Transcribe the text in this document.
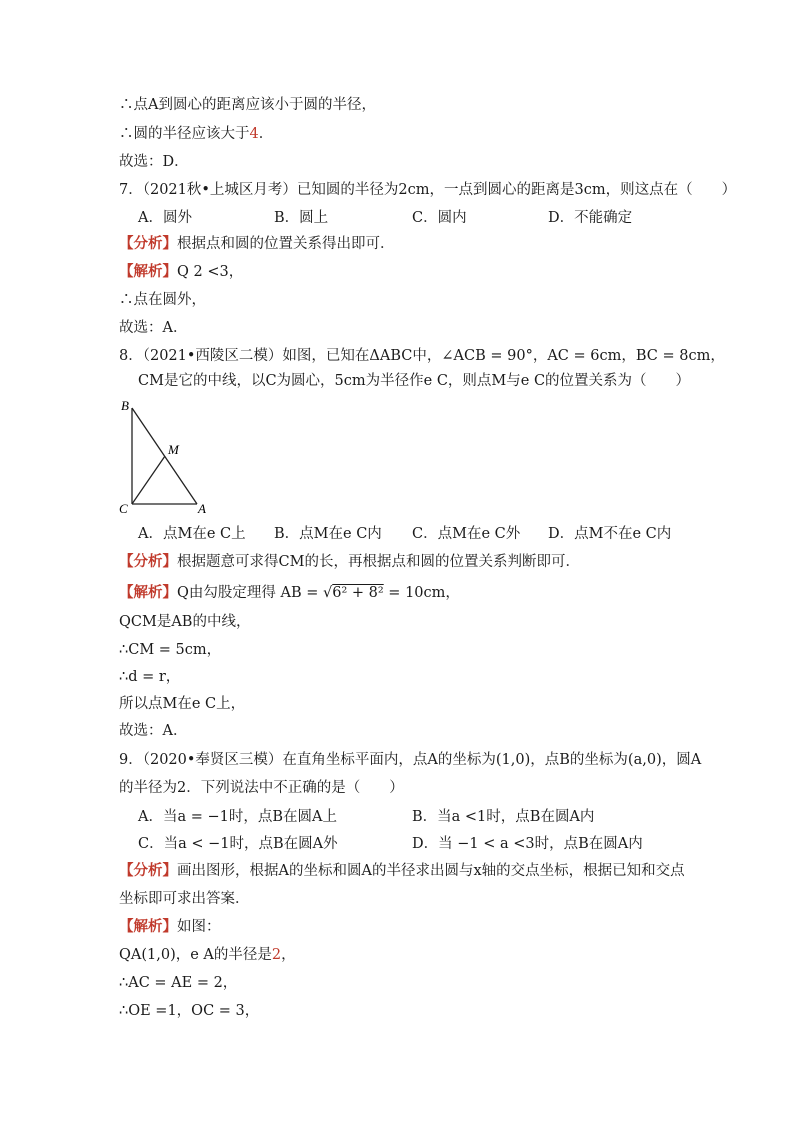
∴点A到圆心的距离应该小于圆的半径，
∴圆的半径应该大于4．
故选：D．
7．（2021秋•上城区月考）已知圆的半径为2cm，一点到圆心的距离是3cm，则这点在（　　）
A．圆外	B．圆上	C．圆内	D．不能确定
【分析】根据点和圆的位置关系得出即可．
【解析】Q 2 <3，
∴点在圆外，
故选：A．
8．（2021•西陵区二模）如图，已知在ΔABC中，∠ACB = 90°，AC = 6cm，BC = 8cm，
CM是它的中线，以C为圆心，5cm为半径作e C，则点M与e C的位置关系为（　　）
B
M
C	A
A．点M在e C上 B．点M在e C内 C．点M在e C外 D．点M不在e C内
【分析】根据题意可求得CM的长，再根据点和圆的位置关系判断即可．
【解析】Q由勾股定理得 AB = √6² + 8² = 10cm，
QCM是AB的中线，
∴CM = 5cm，
∴d = r，
所以点M在e C上，
故选：A．
9．（2020•奉贤区三模）在直角坐标平面内，点A的坐标为(1,0)，点B的坐标为(a,0)，圆A
的半径为2．下列说法中不正确的是（　　）
A．当a = −1时，点B在圆A上	B．当a <1时，点B在圆A内
C．当a < −1时，点B在圆A外	D．当 −1 < a <3时，点B在圆A内
【分析】画出图形，根据A的坐标和圆A的半径求出圆与x轴的交点坐标，根据已知和交点
坐标即可求出答案．
【解析】如图：
QA(1,0)，e A的半径是2，
∴AC = AE = 2，
∴OE =1，OC = 3，
